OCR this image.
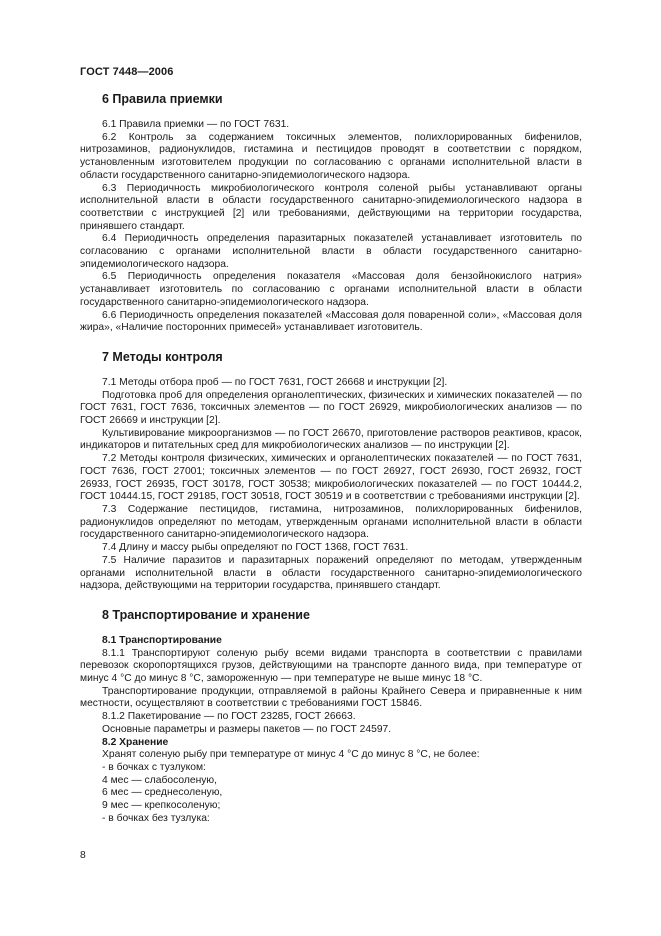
ГОСТ 7448—2006
6 Правила приемки

6.1 Правила приемки — по ГОСТ 7631.

6.2 Контроль за содержанием токсичных элементов, полихлорированных бифенилов, нитрозаминов, радионуклидов, гистамина и пестицидов проводят в соответствии с порядком, установленным изготовителем продукции по согласованию с органами исполнительной власти в области государственного санитарно-эпидемиологического надзора.

6.3 Периодичность микробиологического контроля соленой рыбы устанавливают органы исполнительной власти в области государственного санитарно-эпидемиологического надзора в соответствии с инструкцией [2] или требованиями, действующими на территории государства, принявшего стандарт.

6.4 Периодичность определения паразитарных показателей устанавливает изготовитель по согласованию с органами исполнительной власти в области государственного санитарно-эпидемиологического надзора.

6.5 Периодичность определения показателя «Массовая доля бензойнокислого натрия» устанавливает изготовитель по согласованию с органами исполнительной власти в области государственного санитарно-эпидемиологического надзора.

6.6 Периодичность определения показателей «Массовая доля поваренной соли», «Массовая доля жира», «Наличие посторонних примесей» устанавливает изготовитель.

7 Методы контроля

7.1 Методы отбора проб — по ГОСТ 7631, ГОСТ 26668 и инструкции [2].

Подготовка проб для определения органолептических, физических и химических показателей — по ГОСТ 7631, ГОСТ 7636, токсичных элементов — по ГОСТ 26929, микробиологических анализов — по ГОСТ 26669 и инструкции [2].

Культивирование микроорганизмов — по ГОСТ 26670, приготовление растворов реактивов, красок, индикаторов и питательных сред для микробиологических анализов — по инструкции [2].

7.2 Методы контроля физических, химических и органолептических показателей — по ГОСТ 7631, ГОСТ 7636, ГОСТ 27001; токсичных элементов — по ГОСТ 26927, ГОСТ 26930, ГОСТ 26932, ГОСТ 26933, ГОСТ 26935, ГОСТ 30178, ГОСТ 30538; микробиологических показателей — по ГОСТ 10444.2, ГОСТ 10444.15, ГОСТ 29185, ГОСТ 30518, ГОСТ 30519 и в соответствии с требованиями инструкции [2].

7.3 Содержание пестицидов, гистамина, нитрозаминов, полихлорированных бифенилов, радионуклидов определяют по методам, утвержденным органами исполнительной власти в области государственного санитарно-эпидемиологического надзора.

7.4 Длину и массу рыбы определяют по ГОСТ 1368, ГОСТ 7631.

7.5 Наличие паразитов и паразитарных поражений определяют по методам, утвержденным органами исполнительной власти в области государственного санитарно-эпидемиологического надзора, действующими на территории государства, принявшего стандарт.

8 Транспортирование и хранение
8.1 Транспортирование

8.1.1 Транспортируют соленую рыбу всеми видами транспорта в соответствии с правилами перевозок скоропортящихся грузов, действующими на транспорте данного вида, при температуре от минус 4 °С до минус 8 °С, замороженную — при температуре не выше минус 18 °С.

Транспортирование продукции, отправляемой в районы Крайнего Севера и приравненные к ним местности, осуществляют в соответствии с требованиями ГОСТ 15846.

8.1.2 Пакетирование — по ГОСТ 23285, ГОСТ 26663.

Основные параметры и размеры пакетов — по ГОСТ 24597.

8.2 Хранение

Хранят соленую рыбу при температуре от минус 4 °С до минус 8 °С, не более:

- в бочках с тузлуком:
4 мес — слабосоленую,
6 мес — среднесоленую,
9 мес — крепкосоленую;
- в бочках без тузлука:
8
